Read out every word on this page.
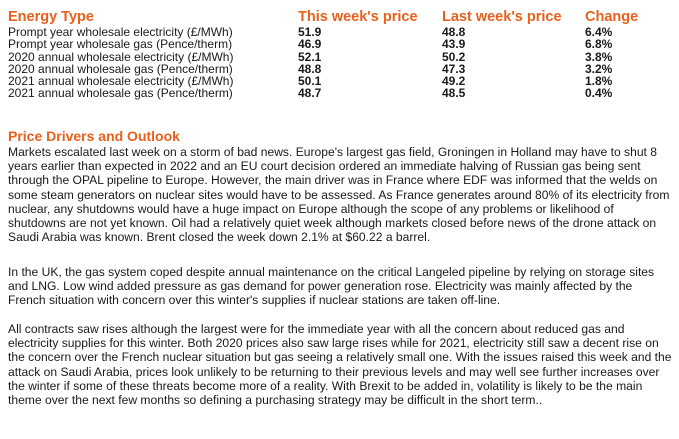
Energy Type	This week's price	Last week's price	Change
Prompt year wholesale electricity (£/MWh)	51.9	48.8	6.4%
Prompt year wholesale gas (Pence/therm)	46.9	43.9	6.8%
2020 annual wholesale electricity (£/MWh)	52.1	50.2	3.8%
2020 annual wholesale gas (Pence/therm)	48.8	47.3	3.2%
2021 annual wholesale electricity (£/MWh)	50.1	49.2	1.8%
2021 annual wholesale gas (Pence/therm)	48.7	48.5	0.4%
Price Drivers and Outlook

Markets escalated last week on a storm of bad news. Europe's largest gas field, Groningen in Holland may have to shut 8 years earlier than expected in 2022 and an EU court decision ordered an immediate halving of Russian gas being sent through the OPAL pipeline to Europe. However, the main driver was in France where EDF was informed that the welds on some steam generators on nuclear sites would have to be assessed. As France generates around 80% of its electricity from nuclear, any shutdowns would have a huge impact on Europe although the scope of any problems or likelihood of shutdowns are not yet known. Oil had a relatively quiet week although markets closed before news of the drone attack on Saudi Arabia was known. Brent closed the week down 2.1% at $60.22 a barrel.

In the UK, the gas system coped despite annual maintenance on the critical Langeled pipeline by relying on storage sites and LNG. Low wind added pressure as gas demand for power generation rose. Electricity was mainly affected by the French situation with concern over this winter's supplies if nuclear stations are taken off-line.

All contracts saw rises although the largest were for the immediate year with all the concern about reduced gas and electricity supplies for this winter. Both 2020 prices also saw large rises while for 2021, electricity still saw a decent rise on the concern over the French nuclear situation but gas seeing a relatively small one. With the issues raised this week and the attack on Saudi Arabia, prices look unlikely to be returning to their previous levels and may well see further increases over the winter if some of these threats become more of a reality. With Brexit to be added in, volatility is likely to be the main theme over the next few months so defining a purchasing strategy may be difficult in the short term..
